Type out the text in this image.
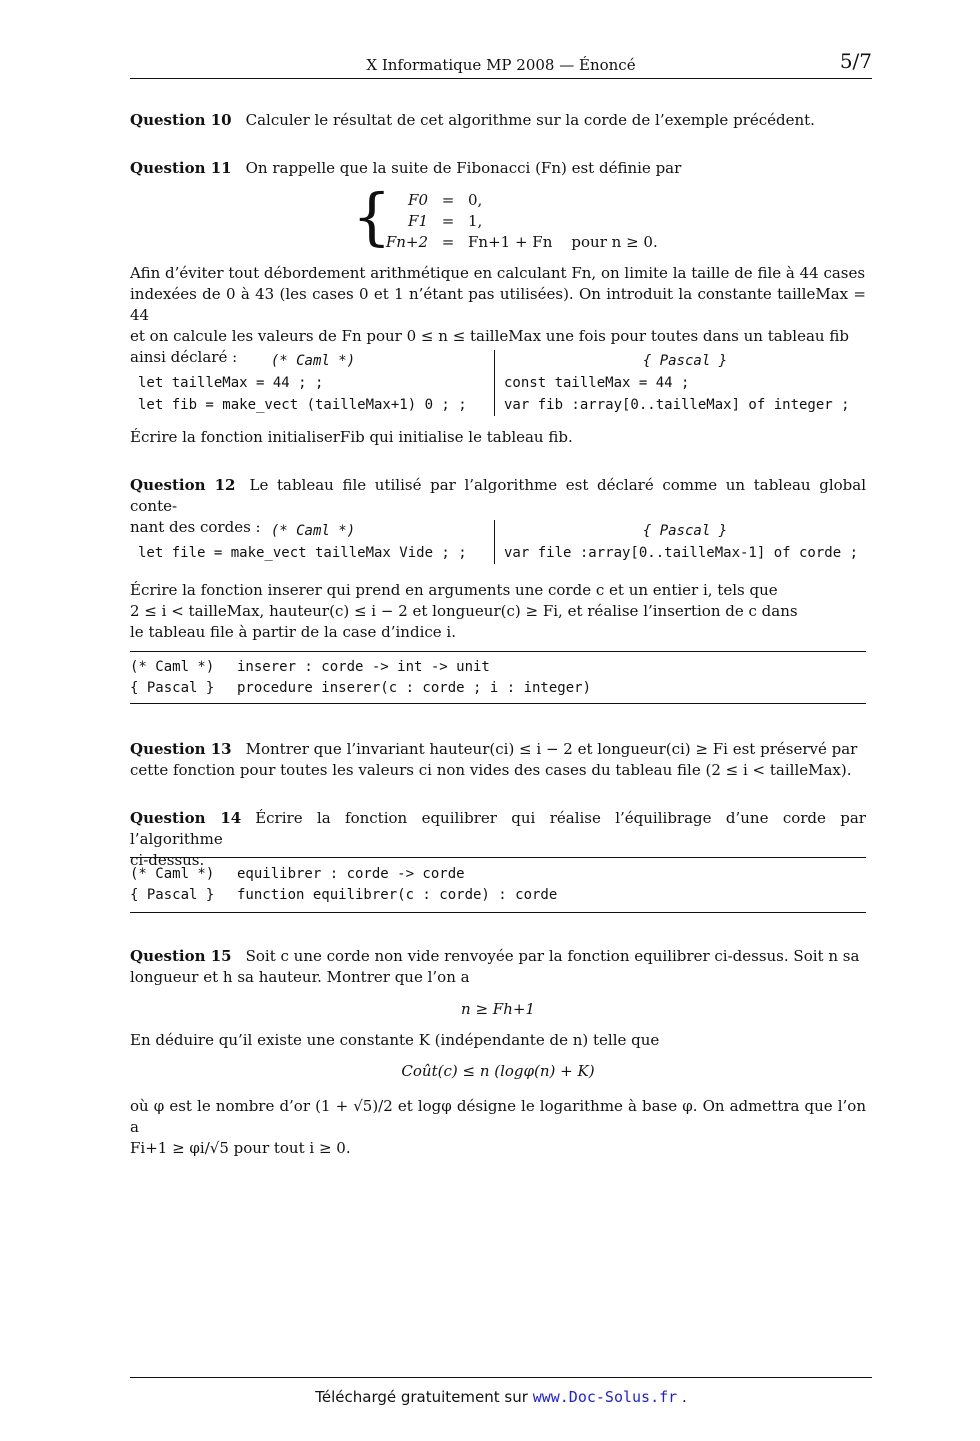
X Informatique MP 2008 — Énoncé	5/7
Question 10 Calculer le résultat de cet algorithme sur la corde de l’exemple précédent.
Question 11 On rappelle que la suite de Fibonacci (Fn) est définie par
{	F0 = 0,
F1 = 1,
Fn+2 = Fn+1 + Fn    pour n ≥ 0.
Afin d’éviter tout débordement arithmétique en calculant Fn, on limite la taille de file à 44 cases
indexées de 0 à 43 (les cases 0 et 1 n’étant pas utilisées). On introduit la constante tailleMax = 44
et on calcule les valeurs de Fn pour 0 ≤ n ≤ tailleMax une fois pour toutes dans un tableau fib
ainsi déclaré :	(* Caml *)
let tailleMax = 44 ; ;
let fib = make_vect (tailleMax+1) 0 ; ;
{ Pascal }
const tailleMax = 44 ;
var fib :array[0..tailleMax] of integer ;
Écrire la fonction initialiserFib qui initialise le tableau fib.
Question 12 Le tableau file utilisé par l’algorithme est déclaré comme un tableau global conte-
nant des cordes : (* Caml *)
let file = make_vect tailleMax Vide ; ;
{ Pascal }
var file :array[0..tailleMax-1] of corde ;
Écrire la fonction inserer qui prend en arguments une corde c et un entier i, tels que
2 ≤ i < tailleMax, hauteur(c) ≤ i − 2 et longueur(c) ≥ Fi, et réalise l’insertion de c dans
le tableau file à partir de la case d’indice i.
(* Caml *) inserer : corde -> int -> unit
{ Pascal } procedure inserer(c : corde ; i : integer)
Question 13 Montrer que l’invariant hauteur(ci) ≤ i − 2 et longueur(ci) ≥ Fi est préservé par
cette fonction pour toutes les valeurs ci non vides des cases du tableau file (2 ≤ i < tailleMax).
Question 14 Écrire la fonction equilibrer qui réalise l’équilibrage d’une corde par l’algorithme
ci-dessus.
(* Caml *) equilibrer : corde -> corde
{ Pascal } function equilibrer(c : corde) : corde
Question 15 Soit c une corde non vide renvoyée par la fonction equilibrer ci-dessus. Soit n sa
longueur et h sa hauteur. Montrer que l’on a
n ≥ Fh+1
En déduire qu’il existe une constante K (indépendante de n) telle que
Coût(c) ≤ n (logφ(n) + K)
où φ est le nombre d’or (1 + √5)/2 et logφ désigne le logarithme à base φ. On admettra que l’on a
Fi+1 ≥ φi/√5 pour tout i ≥ 0.
Téléchargé gratuitement sur www.Doc-Solus.fr .
